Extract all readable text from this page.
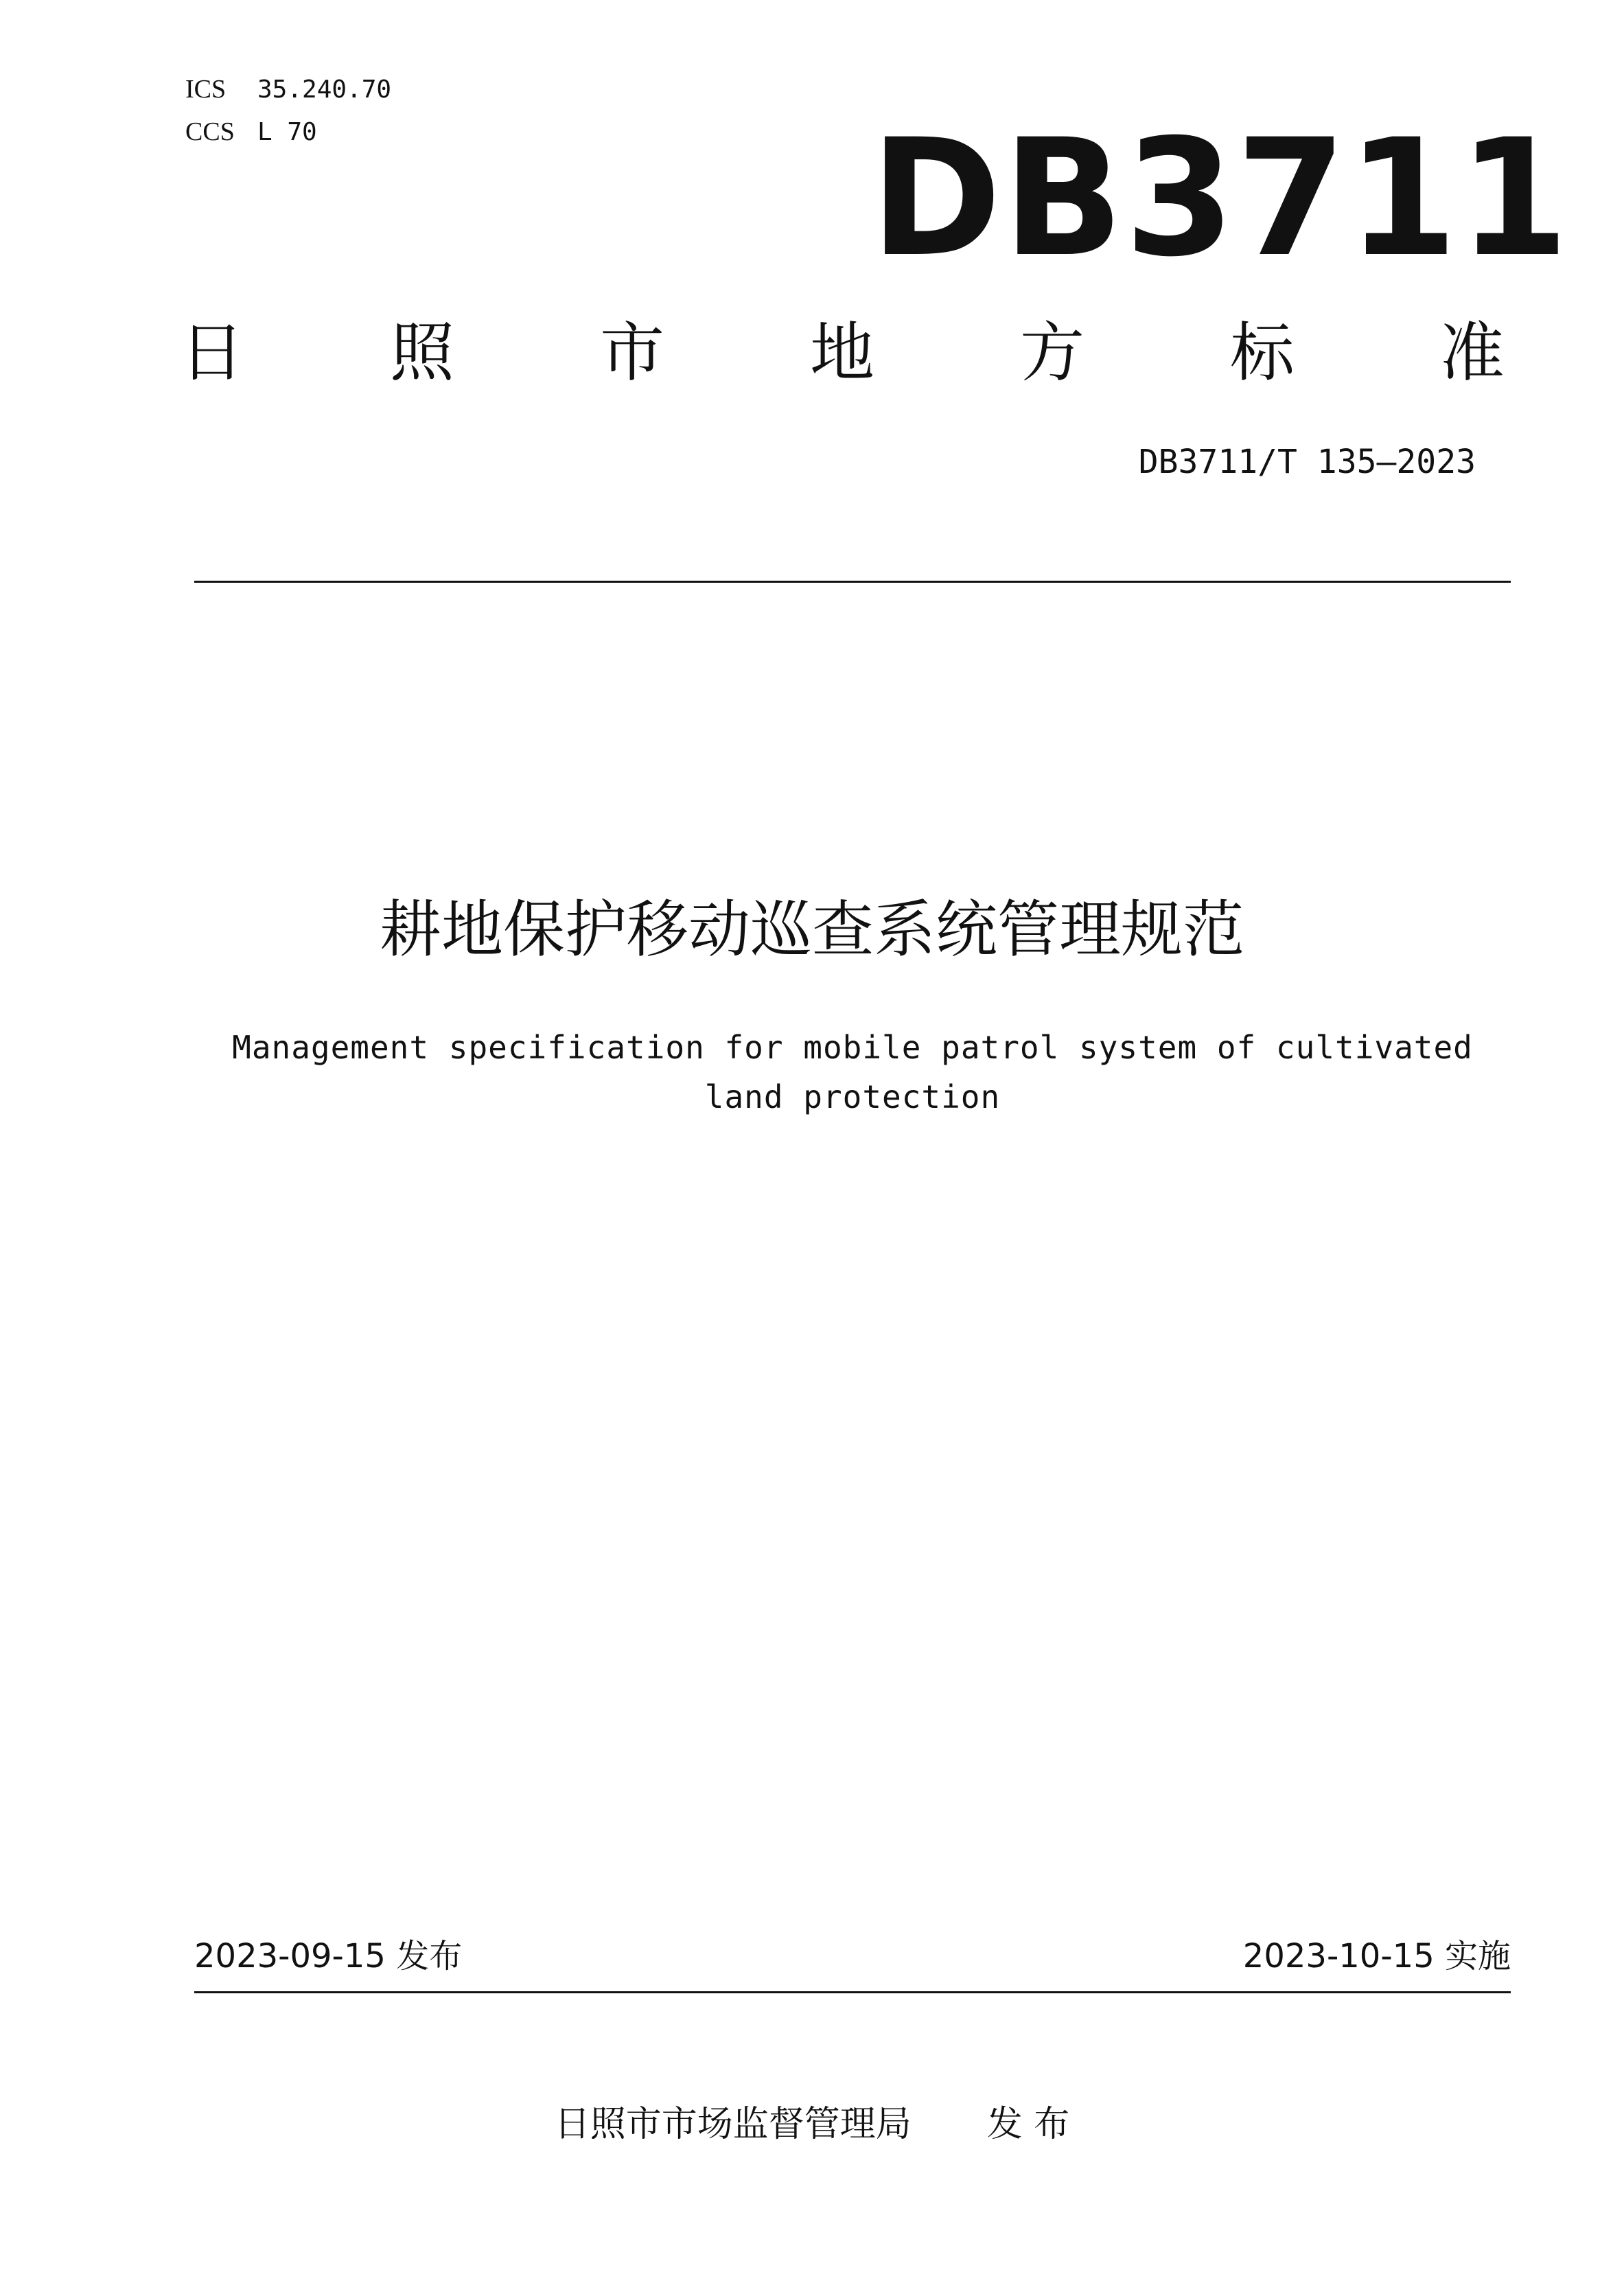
ICS	35.240.70
CCS L 70	DB3711
日 照 市 地 方 标 准
DB3711/T 135—2023
耕地保护移动巡查系统管理规范
Management specification for mobile patrol system of cultivated land protection
2023-09-15 发布	2023-10-15 实施
日照市市场监督管理局 发 布
